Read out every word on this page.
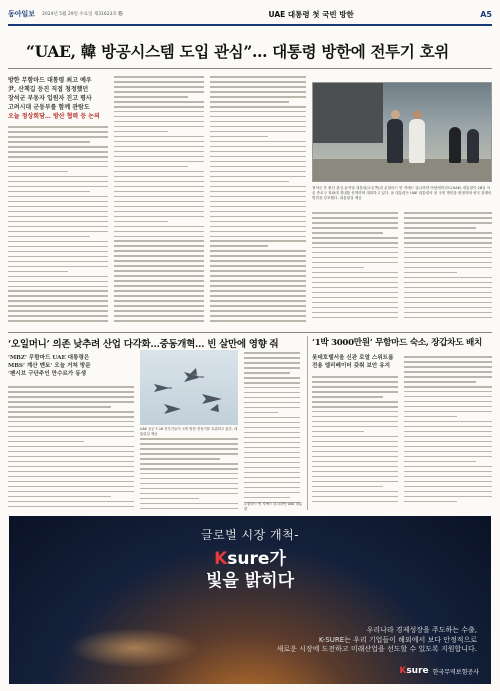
동아일보	2024년 5월 29일 수요일 제31623호 ㉿	UAE 대통령 첫 국빈 방한	A5
“UAE, 韓 방공시스템 도입 관심”… 대통령 방한에 전투기 호위
방한 무함마드 대통령 최고 예우
尹, 산책길 등진 직접 청정했던
장석군 부동자 입원자 진고 평사
고려시대 군동부를 함께 관람도
오늘 정상회담… 방산 협력 등 논의
정석군 후 환산 관심 윤석열 대통령(오른쪽)과 무함마드 빈 자예드 알나하얀 아랍에미리트(UAE) 대통령이 28일 서울 종로구 청와대 경내를 산책하며 대화하고 있다. 윤 대통령은 UAE 대통령의 첫 국빈 방한을 환영하며 양국 관계의 발전을 강조했다. 대통령실 제공
‘오일머니’ 의존 낮추려 산업 다각화…중동개혁… 빈 살만에 영향 줘
‘MBZ’ 무함마드 UAE 대통령은
MBS‘ 계산 멘토’ 오늘 거쳐 방문
‘펜시브 구단주인 만수르가 동생
UAE 공군 F-16 전투기들이 국빈 방한 전용기를 호위하고 있다. 대통령실 제공
무함마드 빈 자예드 알나하얀 UAE 대통령
‘1박 3000만원’ 무함마드 숙소, 장갑차도 배치
롯데호텔서울 신관 로열 스위트룸
전용 엘리베이터 갖춰 보안 유지
글로벌 시장 개척-
Ksure가
빛을 밝히다
우리나라 경제성장을 주도하는 수출,
K-SURE는 우리 기업들이 해외에서 보다 안정적으로
새로운 시장에 도전하고 미래산업을 선도할 수 있도록 지원합니다.
Ksure 한국무역보험공사
